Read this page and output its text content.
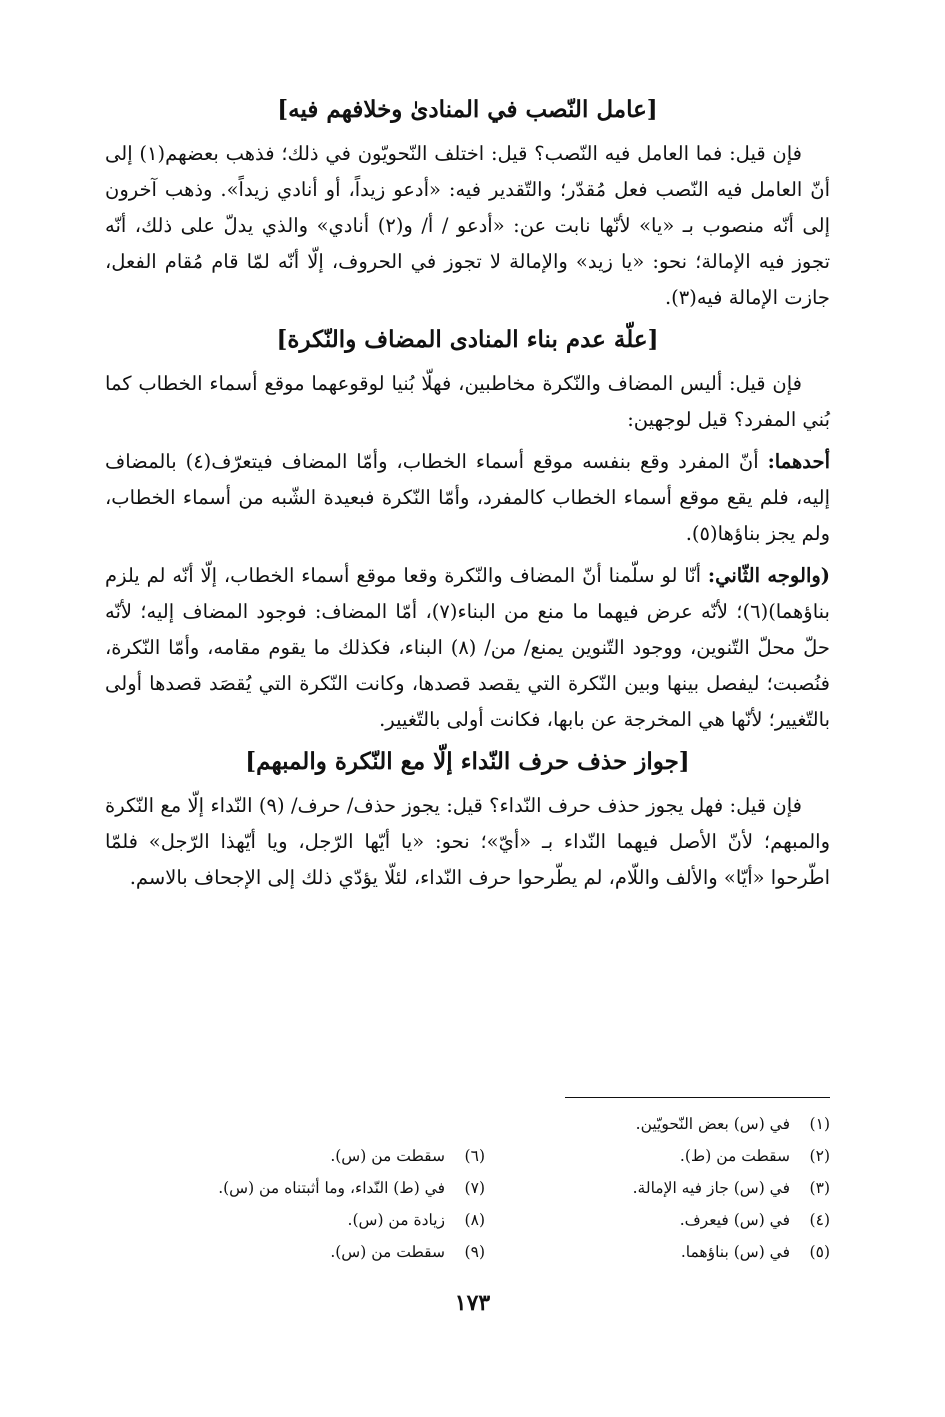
[عامل النّصب في المنادىٰ وخلافهم فيه]

فإن قيل: فما العامل فيه النّصب؟ قيل: اختلف النّحويّون في ذلك؛ فذهب بعضهم(١) إلى أنّ العامل فيه النّصب فعل مُقدّر؛ والتّقدير فيه: «أدعو زيداً، أو أنادي زيداً». وذهب آخرون إلى أنّه منصوب بـ «يا» لأنّها نابت عن: «أدعو / أ/ و(٢) أنادي» والذي يدلّ على ذلك، أنّه تجوز فيه الإمالة؛ نحو: «يا زيد» والإمالة لا تجوز في الحروف، إلّا أنّه لمّا قام مُقام الفعل، جازت الإمالة فيه(٣).

[علّة عدم بناء المنادى المضاف والنّكرة]

فإن قيل: أليس المضاف والنّكرة مخاطبين، فهلّا بُنيا لوقوعهما موقع أسماء الخطاب كما بُني المفرد؟ قيل لوجهين:

أحدهما: أنّ المفرد وقع بنفسه موقع أسماء الخطاب، وأمّا المضاف فيتعرّف(٤) بالمضاف إليه، فلم يقع موقع أسماء الخطاب كالمفرد، وأمّا النّكرة فبعيدة الشّبه من أسماء الخطاب، ولم يجز بناؤها(٥).

(والوجه الثّاني: أنّا لو سلّمنا أنّ المضاف والنّكرة وقعا موقع أسماء الخطاب، إلّا أنّه لم يلزم بناؤهما)(٦)؛ لأنّه عرض فيهما ما منع من البناء(٧)، أمّا المضاف: فوجود المضاف إليه؛ لأنّه حلّ محلّ التّنوين، ووجود التّنوين يمنع/ من/ (٨) البناء، فكذلك ما يقوم مقامه، وأمّا النّكرة، فنُصبت؛ ليفصل بينها وبين النّكرة التي يقصد قصدها، وكانت النّكرة التي يُقصَد قصدها أولى بالتّغيير؛ لأنّها هي المخرجة عن بابها، فكانت أولى بالتّغيير.

[جواز حذف حرف النّداء إلّا مع النّكرة والمبهم]

فإن قيل: فهل يجوز حذف حرف النّداء؟ قيل: يجوز حذف/ حرف/ (٩) النّداء إلّا مع النّكرة والمبهم؛ لأنّ الأصل فيهما النّداء بـ «أيّ»؛ نحو: «يا أيّها الرّجل، ويا أيّهذا الرّجل» فلمّا اطّرحوا «أيّا» والألف واللّام، لم يطّرحوا حرف النّداء، لئلّا يؤدّي ذلك إلى الإجحاف بالاسم.

(١)في (س) بعض النّحويّين.
(٢)سقطت من (ط).
(٣)في (س) جاز فيه الإمالة.
(٤)في (س) فيعرف.
(٥)في (س) بناؤهما.
(٦)سقطت من (س).
(٧)في (ط) النّداء، وما أثبتناه من (س).
(٨)زيادة من (س).
(٩)سقطت من (س).
١٧٣
